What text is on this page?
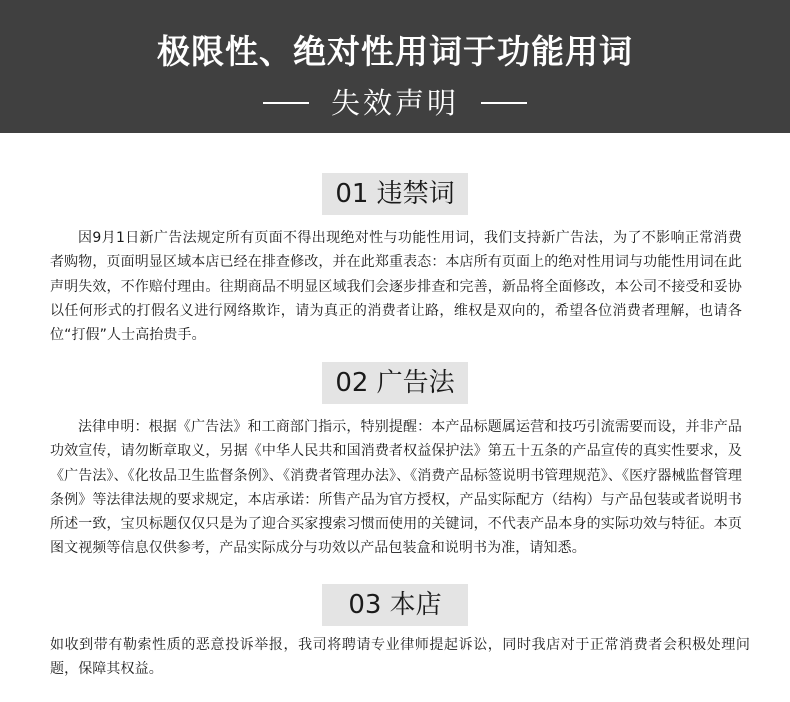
极限性、绝对性用词于功能用词
失效声明
01 违禁词
因9月1日新广告法规定所有页面不得出现绝对性与功能性用词，我们支持新广告法，为了不影响正常消费者购物，页面明显区域本店已经在排查修改，并在此郑重表态：本店所有页面上的绝对性用词与功能性用词在此声明失效，不作赔付理由。往期商品不明显区域我们会逐步排查和完善，新品将全面修改，本公司不接受和妥协以任何形式的打假名义进行网络欺诈，请为真正的消费者让路，维权是双向的，希望各位消费者理解，也请各位“打假”人士高抬贵手。
02 广告法
法律申明：根据《广告法》和工商部门指示，特别提醒：本产品标题属运营和技巧引流需要而设，并非产品功效宣传，请勿断章取义，另据《中华人民共和国消费者权益保护法》第五十五条的产品宣传的真实性要求，及《广告法》、《化妆品卫生监督条例》、《消费者管理办法》、《消费产品标签说明书管理规范》、《医疗器械监督管理条例》等法律法规的要求规定，本店承诺：所售产品为官方授权，产品实际配方（结构）与产品包装或者说明书所述一致，宝贝标题仅仅只是为了迎合买家搜索习惯而使用的关键词，不代表产品本身的实际功效与特征。本页图文视频等信息仅供参考，产品实际成分与功效以产品包装盒和说明书为准，请知悉。
03 本店
如收到带有勒索性质的恶意投诉举报，我司将聘请专业律师提起诉讼，同时我店对于正常消费者会积极处理问题，保障其权益。
